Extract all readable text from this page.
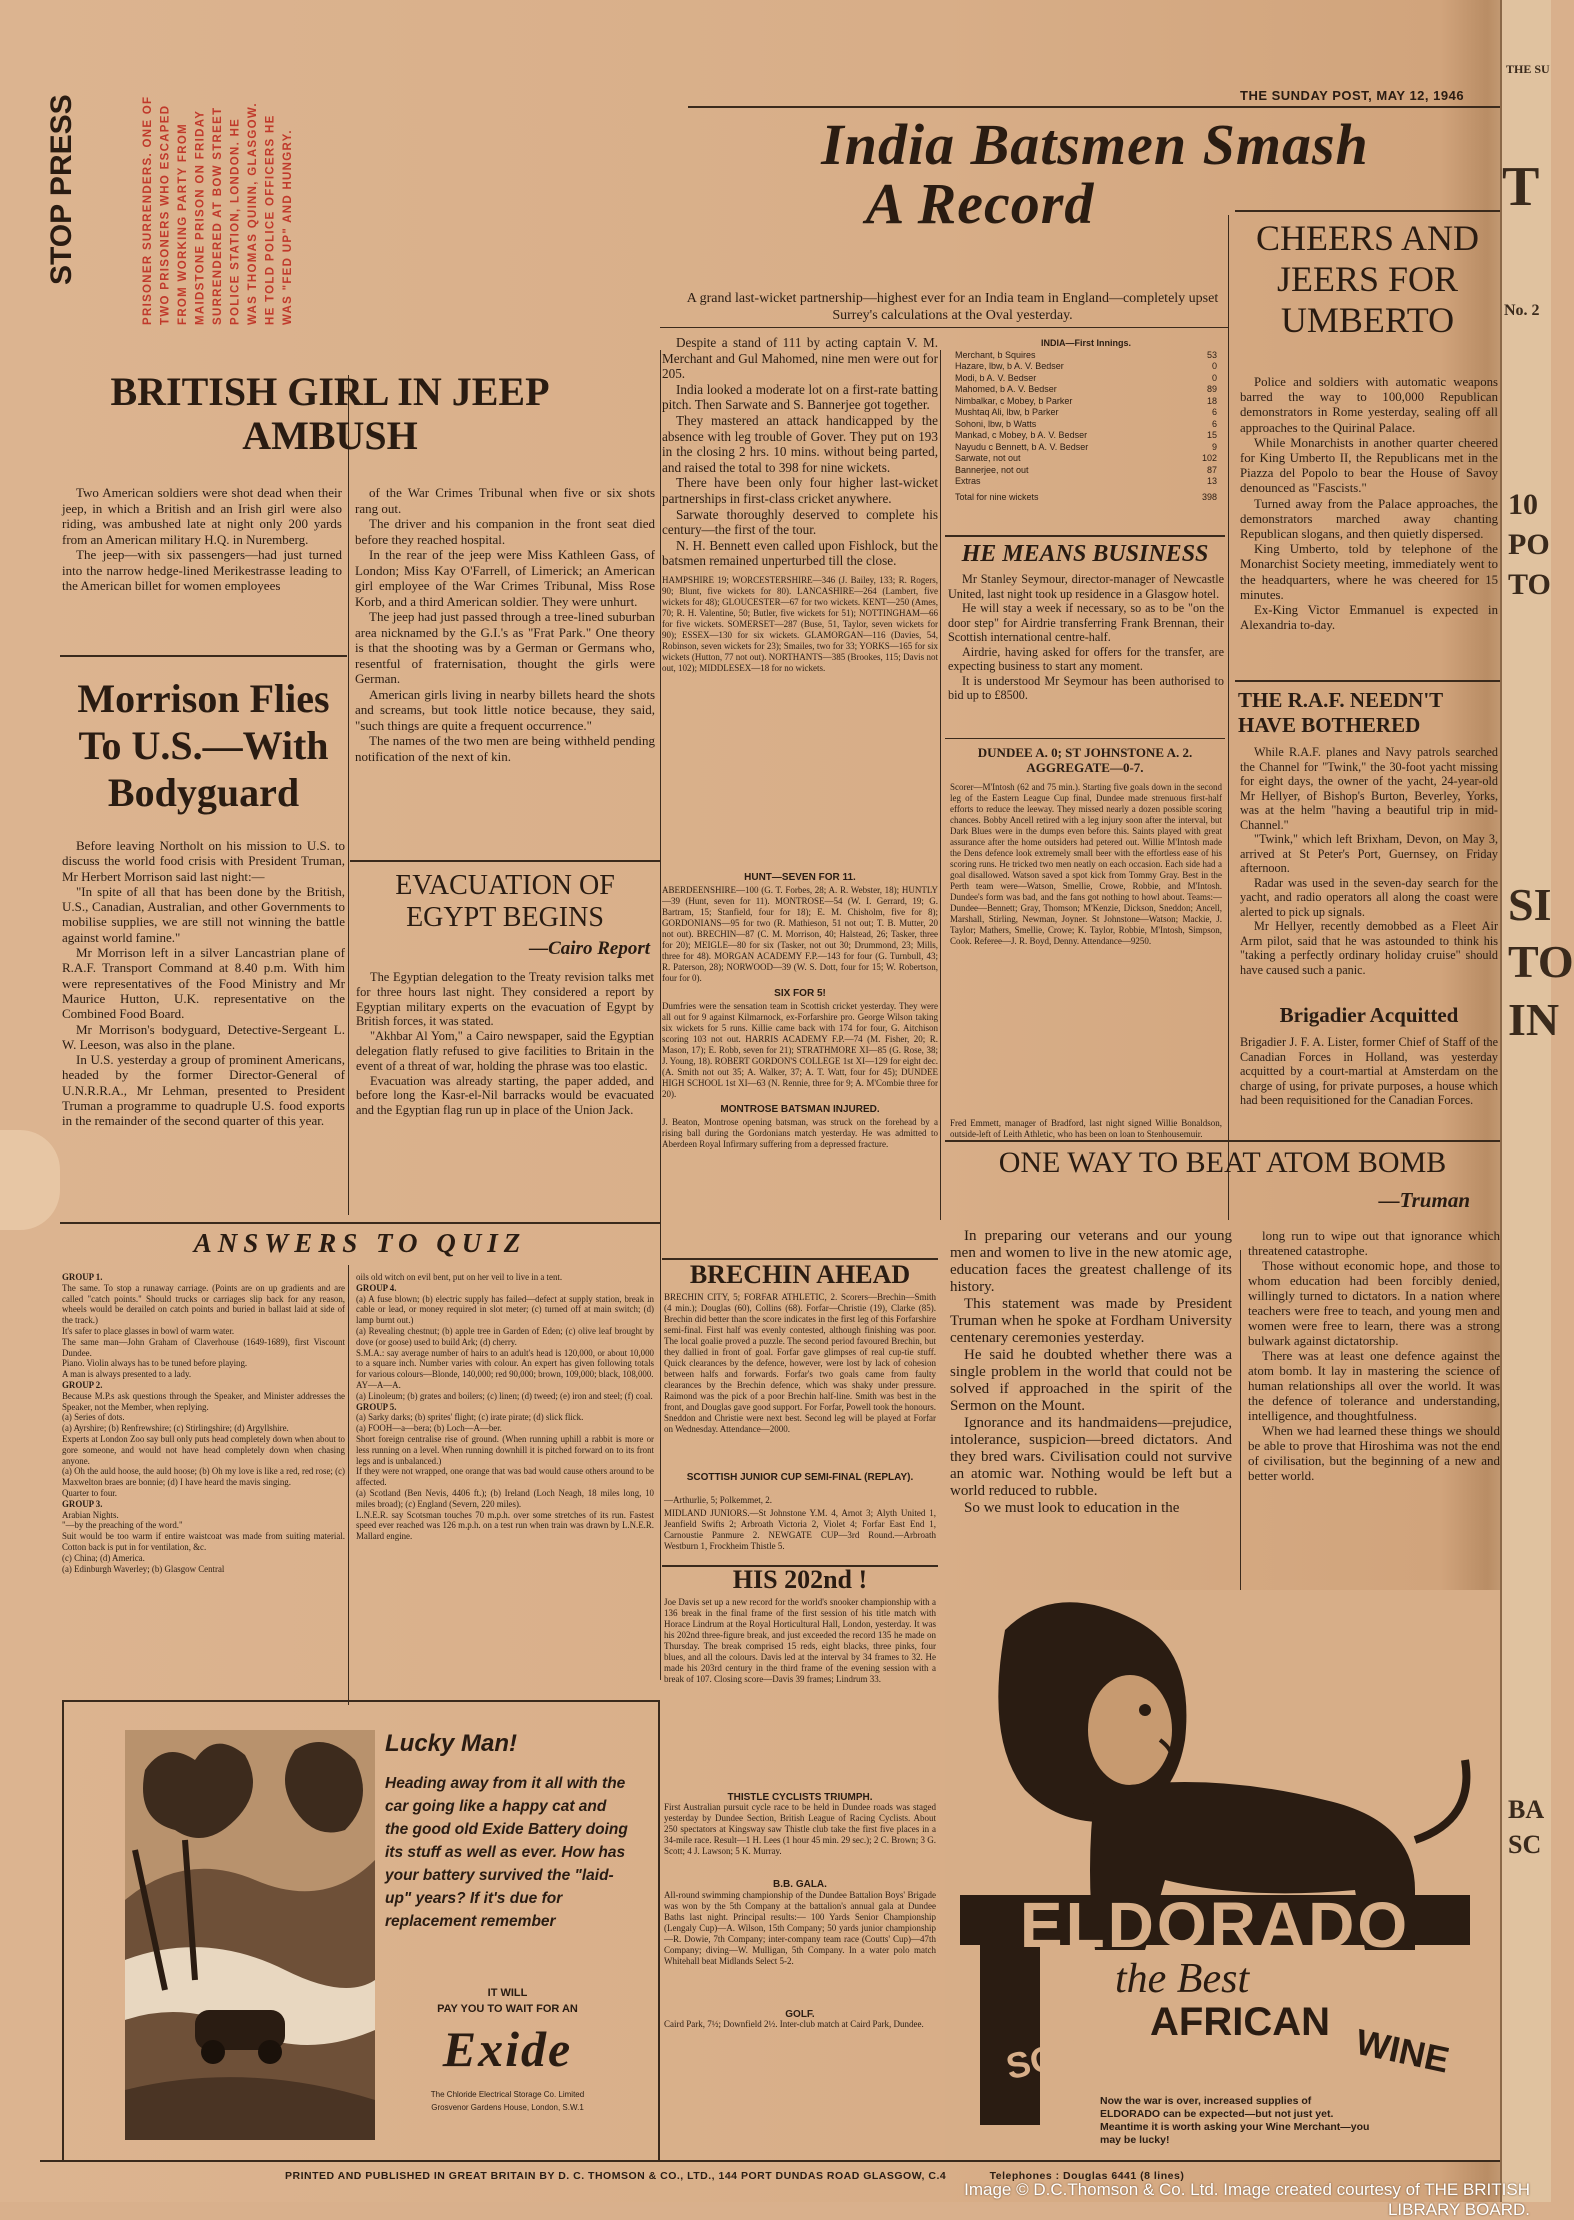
THE SU
T
No. 2
10
PO
TO
SI
TO
IN
BA
SC
STOP PRESS	PRISONER SURRENDERS. ONE OF TWO PRISONERS WHO ESCAPED FROM WORKING PARTY FROM MAIDSTONE PRISON ON FRIDAY SURRENDERED AT BOW STREET POLICE STATION, LONDON. HE WAS THOMAS QUINN, GLASGOW. HE TOLD POLICE OFFICERS HE WAS "FED UP" AND HUNGRY.
THE SUNDAY POST, MAY 12, 1946
India Batsmen Smash
A Record
A grand last-wicket partnership—highest ever for an India team in England—completely upset Surrey's calculations at the Oval yesterday.

Despite a stand of 111 by acting captain V. M. Merchant and Gul Mahomed, nine men were out for 205.

India looked a moderate lot on a first-rate batting pitch. Then Sarwate and S. Bannerjee got together.

They mastered an attack handicapped by the absence with leg trouble of Gover. They put on 193 in the closing 2 hrs. 10 mins. without being parted, and raised the total to 398 for nine wickets.

There have been only four higher last-wicket partnerships in first-class cricket anywhere.

Sarwate thoroughly deserved to complete his century—the first of the tour.

N. H. Bennett even called upon Fishlock, but the batsmen remained unperturbed till the close.

HAMPSHIRE 19; WORCESTERSHIRE—346 (J. Bailey, 133; R. Rogers, 90; Blunt, five wickets for 80). LANCASHIRE—264 (Lambert, five wickets for 48); GLOUCESTER—67 for two wickets. KENT—250 (Ames, 70; R. H. Valentine, 50; Butler, five wickets for 51); NOTTINGHAM—66 for five wickets. SOMERSET—287 (Buse, 51, Taylor, seven wickets for 90); ESSEX—130 for six wickets. GLAMORGAN—116 (Davies, 54, Robinson, seven wickets for 23); Smailes, two for 33; YORKS—165 for six wickets (Hutton, 77 not out). NORTHANTS—385 (Brookes, 115; Davis not out, 102); MIDDLESEX—18 for no wickets.
INDIA—First Innings.
Merchant, b Squires	53
Hazare, lbw, b A. V. Bedser	0
Modi, b A. V. Bedser	0
Mahomed, b A. V. Bedser	89
Nimbalkar, c Mobey, b Parker	18
Mushtaq Ali, lbw, b Parker	6
Sohoni, lbw, b Watts	6
Mankad, c Mobey, b A. V. Bedser	15
Nayudu c Bennett, b A. V. Bedser	9
Sarwate, not out	102
Bannerjee, not out	87
Extras	13
Total for nine wickets	398
HE MEANS BUSINESS

Mr Stanley Seymour, director-manager of Newcastle United, last night took up residence in a Glasgow hotel.

He will stay a week if necessary, so as to be "on the door step" for Airdrie transferring Frank Brennan, their Scottish international centre-half.

Airdrie, having asked for offers for the transfer, are expecting business to start any moment.

It is understood Mr Seymour has been authorised to bid up to £8500.

DUNDEE A. 0; ST JOHNSTONE A. 2. AGGREGATE—0-7.
Scorer—M'Intosh (62 and 75 min.). Starting five goals down in the second leg of the Eastern League Cup final, Dundee made strenuous first-half efforts to reduce the leeway. They missed nearly a dozen possible scoring chances. Bobby Ancell retired with a leg injury soon after the interval, but Dark Blues were in the dumps even before this. Saints played with great assurance after the home outsiders had petered out. Willie M'Intosh made the Dens defence look extremely small beer with the effortless ease of his scoring runs. He tricked two men neatly on each occasion. Each side had a goal disallowed. Watson saved a spot kick from Tommy Gray. Best in the Perth team were—Watson, Smellie, Crowe, Robbie, and M'Intosh. Dundee's form was bad, and the fans got nothing to howl about. Teams:—Dundee—Bennett; Gray, Thomson; M'Kenzie, Dickson, Sneddon; Ancell, Marshall, Stirling, Newman, Joyner. St Johnstone—Watson; Mackie, J. Taylor; Mathers, Smellie, Crowe; K. Taylor, Robbie, M'Intosh, Simpson, Cook. Referee—J. R. Boyd, Denny. Attendance—9250.
Fred Emmett, manager of Bradford, last night signed Willie Bonaldson, outside-left of Leith Athletic, who has been on loan to Stenhousemuir.
HUNT—SEVEN FOR 11.
ABERDEENSHIRE—100 (G. T. Forbes, 28; A. R. Webster, 18); HUNTLY—39 (Hunt, seven for 11). MONTROSE—54 (W. I. Gerrard, 19; G. Bartram, 15; Stanfield, four for 18); E. M. Chisholm, five for 8); GORDONIANS—95 for two (R. Mathieson, 51 not out; T. B. Mutter, 20 not out). BRECHIN—87 (C. M. Morrison, 40; Halstead, 26; Tasker, three for 20); MEIGLE—80 for six (Tasker, not out 30; Drummond, 23; Mills, three for 48). MORGAN ACADEMY F.P.—143 for four (G. Turnbull, 43; R. Paterson, 28); NORWOOD—39 (W. S. Dott, four for 15; W. Robertson, four for 0).
SIX FOR 5!
Dumfries were the sensation team in Scottish cricket yesterday. They were all out for 9 against Kilmarnock, ex-Forfarshire pro. George Wilson taking six wickets for 5 runs. Killie came back with 174 for four, G. Aitchison scoring 103 not out. HARRIS ACADEMY F.P.—74 (M. Fisher, 20; R. Mason, 17); E. Robb, seven for 21); STRATHMORE XI—85 (G. Rose, 38; J. Young, 18). ROBERT GORDON'S COLLEGE 1st XI—129 for eight dec. (A. Smith not out 35; A. Walker, 37; A. T. Watt, four for 45); DUNDEE HIGH SCHOOL 1st XI—63 (N. Rennie, three for 9; A. M'Combie three for 20).
MONTROSE BATSMAN INJURED.
J. Beaton, Montrose opening batsman, was struck on the forehead by a rising ball during the Gordonians match yesterday. He was admitted to Aberdeen Royal Infirmary suffering from a depressed fracture.
BRECHIN AHEAD
BRECHIN CITY, 5; FORFAR ATHLETIC, 2. Scorers—Brechin—Smith (4 min.); Douglas (60), Collins (68). Forfar—Christie (19), Clarke (85). Brechin did better than the score indicates in the first leg of this Forfarshire semi-final. First half was evenly contested, although finishing was poor. The local goalie proved a puzzle. The second period favoured Brechin, but they dallied in front of goal. Forfar gave glimpses of real cup-tie stuff. Quick clearances by the defence, however, were lost by lack of cohesion between halfs and forwards. Forfar's two goals came from faulty clearances by the Brechin defence, which was shaky under pressure. Raimond was the pick of a poor Brechin half-line. Smith was best in the front, and Douglas gave good support. For Forfar, Powell took the honours. Sneddon and Christie were next best. Second leg will be played at Forfar on Wednesday. Attendance—2000.
SCOTTISH JUNIOR CUP SEMI-FINAL (REPLAY).
—Arthurlie, 5; Polkemmet, 2.
MIDLAND JUNIORS.—St Johnstone Y.M. 4, Arnot 3; Alyth United 1, Jeanfield Swifts 2; Arbroath Victoria 2, Violet 4; Forfar East End 1, Carnoustie Panmure 2. NEWGATE CUP—3rd Round.—Arbroath Westburn 1, Frockheim Thistle 5.
HIS 202nd !
Joe Davis set up a new record for the world's snooker championship with a 136 break in the final frame of the first session of his title match with Horace Lindrum at the Royal Horticultural Hall, London, yesterday. It was his 202nd three-figure break, and just exceeded the record 135 he made on Thursday. The break comprised 15 reds, eight blacks, three pinks, four blues, and all the colours. Davis led at the interval by 34 frames to 32. He made his 203rd century in the third frame of the evening session with a break of 107. Closing score—Davis 39 frames; Lindrum 33.
THISTLE CYCLISTS TRIUMPH.
First Australian pursuit cycle race to be held in Dundee roads was staged yesterday by Dundee Section, British League of Racing Cyclists. About 250 spectators at Kingsway saw Thistle club take the first five places in a 34-mile race. Result—1 H. Lees (1 hour 45 min. 29 sec.); 2 C. Brown; 3 G. Scott; 4 J. Lawson; 5 K. Murray.
B.B. GALA.
All-round swimming championship of the Dundee Battalion Boys' Brigade was won by the 5th Company at the battalion's annual gala at Dundee Baths last night. Principal results:— 100 Yards Senior Championship (Lengaly Cup)—A. Wilson, 15th Company; 50 yards junior championship—R. Dowie, 7th Company; inter-company team race (Coutts' Cup)—47th Company; diving—W. Mulligan, 5th Company. In a water polo match Whitehall beat Midlands Select 5-2.
GOLF.
Caird Park, 7½; Downfield 2½. Inter-club match at Caird Park, Dundee.
BRITISH GIRL IN JEEP AMBUSH

Two American soldiers were shot dead when their jeep, in which a British and an Irish girl were also riding, was ambushed late at night only 200 yards from an American military H.Q. in Nuremberg.

The jeep—with six passengers—had just turned into the narrow hedge-lined Merikestrasse leading to the American billet for women employees

of the War Crimes Tribunal when five or six shots rang out.

The driver and his companion in the front seat died before they reached hospital.

In the rear of the jeep were Miss Kathleen Gass, of London; Miss Kay O'Farrell, of Limerick; an American girl employee of the War Crimes Tribunal, Miss Rose Korb, and a third American soldier. They were unhurt.

The jeep had just passed through a tree-lined suburban area nicknamed by the G.I.'s as "Frat Park." One theory is that the shooting was by a German or Germans who, resentful of fraternisation, thought the girls were German.

American girls living in nearby billets heard the shots and screams, but took little notice because, they said, "such things are quite a frequent occurrence."

The names of the two men are being withheld pending notification of the next of kin.

Morrison Flies To U.S.—With Bodyguard

Before leaving Northolt on his mission to U.S. to discuss the world food crisis with President Truman, Mr Herbert Morrison said last night:—

"In spite of all that has been done by the British, U.S., Canadian, Australian, and other Governments to mobilise supplies, we are still not winning the battle against world famine."

Mr Morrison left in a silver Lancastrian plane of R.A.F. Transport Command at 8.40 p.m. With him were representatives of the Food Ministry and Mr Maurice Hutton, U.K. representative on the Combined Food Board.

Mr Morrison's bodyguard, Detective-Sergeant L. W. Leeson, was also in the plane.

In U.S. yesterday a group of prominent Americans, headed by the former Director-General of U.N.R.R.A., Mr Lehman, presented to President Truman a programme to quadruple U.S. food exports in the remainder of the second quarter of this year.

EVACUATION OF EGYPT BEGINS
—Cairo Report

The Egyptian delegation to the Treaty revision talks met for three hours last night. They considered a report by Egyptian military experts on the evacuation of Egypt by British forces, it was stated.

"Akhbar Al Yom," a Cairo newspaper, said the Egyptian delegation flatly refused to give facilities to Britain in the event of a threat of war, holding the phrase was too elastic.

Evacuation was already starting, the paper added, and before long the Kasr-el-Nil barracks would be evacuated and the Egyptian flag run up in place of the Union Jack.

ANSWERS TO QUIZ
GROUP 1.
The same. To stop a runaway carriage. (Points are on up gradients and are called "catch points." Should trucks or carriages slip back for any reason, wheels would be derailed on catch points and buried in ballast laid at side of the track.)
It's safer to place glasses in bowl of warm water.
The same man—John Graham of Claverhouse (1649-1689), first Viscount Dundee.
Piano. Violin always has to be tuned before playing.
A man is always presented to a lady.
GROUP 2.
Because M.P.s ask questions through the Speaker, and Minister addresses the Speaker, not the Member, when replying.
(a) Series of dots.
(a) Ayrshire; (b) Renfrewshire; (c) Stirlingshire; (d) Argyllshire.
Experts at London Zoo say bull only puts head completely down when about to gore someone, and would not have head completely down when chasing anyone.
(a) Oh the auld hoose, the auld hoose; (b) Oh my love is like a red, red rose; (c) Maxwelton braes are bonnie; (d) I have heard the mavis singing.
Quarter to four.
GROUP 3.
Arabian Nights.
"—by the preaching of the word."
Suit would be too warm if entire waistcoat was made from suiting material. Cotton back is put in for ventilation, &c.
(c) China; (d) America.
(a) Edinburgh Waverley; (b) Glasgow Central
oils old witch on evil bent, put on her veil to live in a tent.
GROUP 4.
(a) A fuse blown; (b) electric supply has failed—defect at supply station, break in cable or lead, or money required in slot meter; (c) turned off at main switch; (d) lamp burnt out.)
(a) Revealing chestnut; (b) apple tree in Garden of Eden; (c) olive leaf brought by dove (or goose) used to build Ark; (d) cherry.
S.M.A.: say average number of hairs to an adult's head is 120,000, or about 10,000 to a square inch. Number varies with colour. An expert has given following totals for various colours—Blonde, 140,000; red 90,000; brown, 109,000; black, 108,000.
AY—A—A.
(a) Linoleum; (b) grates and boilers; (c) linen; (d) tweed; (e) iron and steel; (f) coal.
GROUP 5.
(a) Sarky darks; (b) sprites' flight; (c) irate pirate; (d) slick flick.
(a) FOOH—a—bera; (b) Loch—A—ber.
Short foreign centralise rise of ground. (When running uphill a rabbit is more or less running on a level. When running downhill it is pitched forward on to its front legs and is unbalanced.)
If they were not wrapped, one orange that was bad would cause others around to be affected.
(a) Scotland (Ben Nevis, 4406 ft.); (b) Ireland (Loch Neagh, 18 miles long, 10 miles broad); (c) England (Severn, 220 miles).
L.N.E.R. say Scotsman touches 70 m.p.h. over some stretches of its run. Fastest speed ever reached was 126 m.p.h. on a test run when train was drawn by L.N.E.R. Mallard engine.
Lucky Man!
Heading away from it all with the car going like a happy cat and the good old Exide Battery doing its stuff as well as ever. How has your battery survived the "laid-up" years? If it's due for replacement remember
IT WILL
PAY YOU TO WAIT FOR AN
Exide
The Chloride Electrical Storage Co. Limited
Grosvenor Gardens House, London, S.W.1
CHEERS AND JEERS FOR UMBERTO

Police and soldiers with automatic weapons barred the way to 100,000 Republican demonstrators in Rome yesterday, sealing off all approaches to the Quirinal Palace.

While Monarchists in another quarter cheered for King Umberto II, the Republicans met in the Piazza del Popolo to bear the House of Savoy denounced as "Fascists."

Turned away from the Palace approaches, the demonstrators marched away chanting Republican slogans, and then quietly dispersed.

King Umberto, told by telephone of the Monarchist Society meeting, immediately went to the headquarters, where he was cheered for 15 minutes.

Ex-King Victor Emmanuel is expected in Alexandria to-day.

THE R.A.F. NEEDN'T HAVE BOTHERED

While R.A.F. planes and Navy patrols searched the Channel for "Twink," the 30-foot yacht missing for eight days, the owner of the yacht, 24-year-old Mr Hellyer, of Bishop's Burton, Beverley, Yorks, was at the helm "having a beautiful trip in mid-Channel."

"Twink," which left Brixham, Devon, on May 3, arrived at St Peter's Port, Guernsey, on Friday afternoon.

Radar was used in the seven-day search for the yacht, and radio operators all along the coast were alerted to pick up signals.

Mr Hellyer, recently demobbed as a Fleet Air Arm pilot, said that he was astounded to think his "taking a perfectly ordinary holiday cruise" should have caused such a panic.

Brigadier Acquitted
Brigadier J. F. A. Lister, former Chief of Staff of the Canadian Forces in Holland, was yesterday acquitted by a court-martial at Amsterdam on the charge of using, for private purposes, a house which had been requisitioned for the Canadian Forces.
ONE WAY TO BEAT ATOM BOMB
—Truman

In preparing our veterans and our young men and women to live in the new atomic age, education faces the greatest challenge of its history.

This statement was made by President Truman when he spoke at Fordham University centenary ceremonies yesterday.

He said he doubted whether there was a single problem in the world that could not be solved if approached in the spirit of the Sermon on the Mount.

Ignorance and its handmaidens—prejudice, intolerance, suspicion—breed dictators. And they bred wars. Civilisation could not survive an atomic war. Nothing would be left but a world reduced to rubble.

So we must look to education in the

long run to wipe out that ignorance which threatened catastrophe.

Those without economic hope, and those to whom education had been forcibly denied, willingly turned to dictators. In a nation where teachers were free to teach, and young men and women were free to learn, there was a strong bulwark against dictatorship.

There was at least one defence against the atom bomb. It lay in mastering the science of human relationships all over the world. It was the defence of tolerance and understanding, intelligence, and thoughtfulness.

When we had learned these things we should be able to prove that Hiroshima was not the end of civilisation, but the beginning of a new and better world.

ELDORADO
the Best
SOUTH AFRICAN WINE
Now the war is over, increased supplies of ELDORADO can be expected—but not just yet. Meantime it is worth asking your Wine Merchant—you may be lucky!
PRINTED AND PUBLISHED IN GREAT BRITAIN BY D. C. THOMSON & CO., LTD., 144 PORT DUNDAS ROAD GLASGOW, C.4	Telephones : Douglas 6441 (8 lines)
Image © D.C.Thomson & Co. Ltd. Image created courtesy of THE BRITISH LIBRARY BOARD.
